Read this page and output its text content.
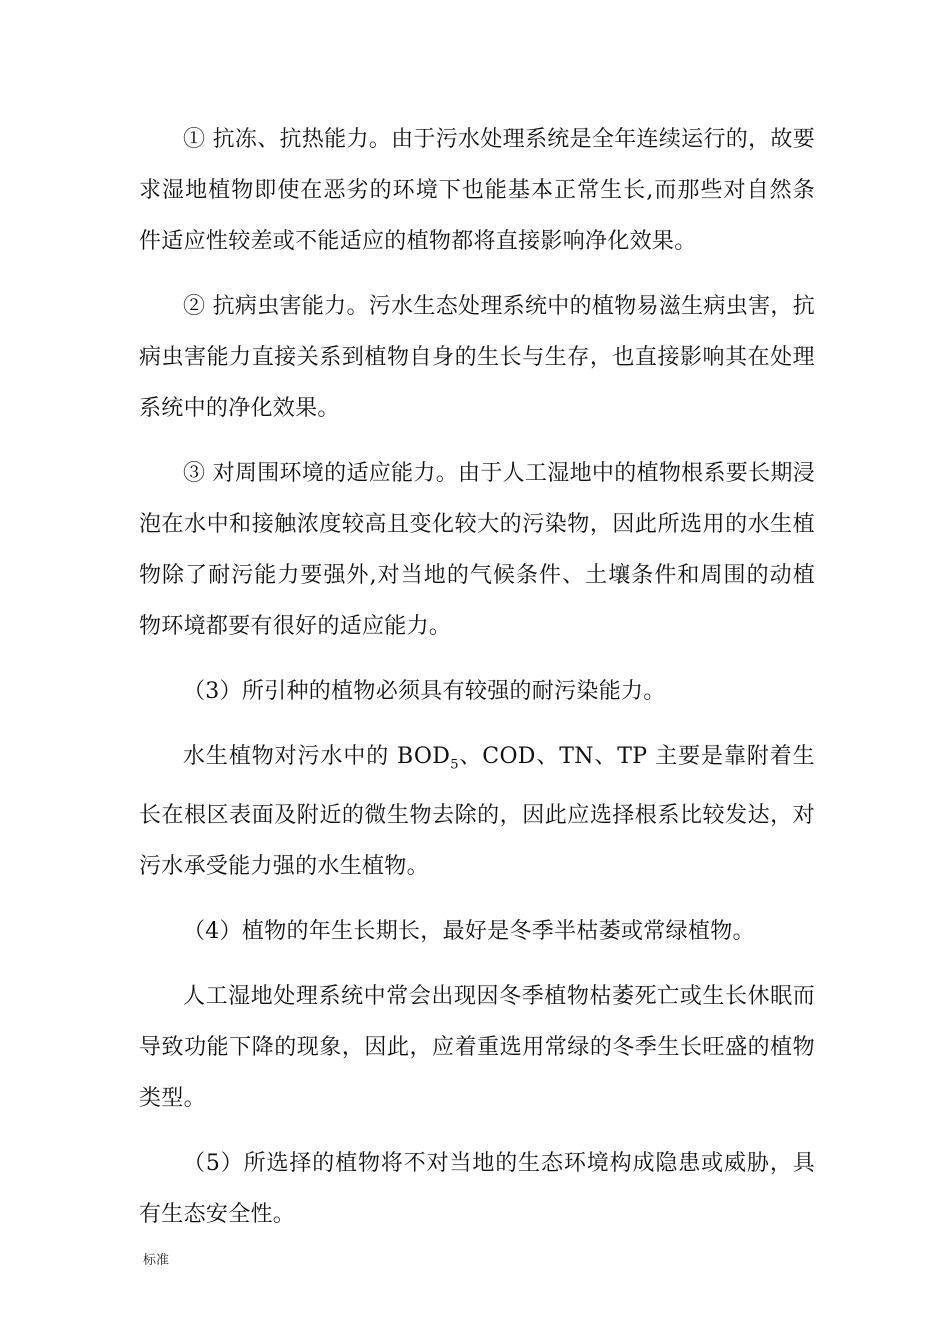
① 抗冻、抗热能力。由于污水处理系统是全年连续运行的，故要求湿地植物即使在恶劣的环境下也能基本正常生长,而那些对自然条件适应性较差或不能适应的植物都将直接影响净化效果。

② 抗病虫害能力。污水生态处理系统中的植物易滋生病虫害，抗病虫害能力直接关系到植物自身的生长与生存，也直接影响其在处理系统中的净化效果。

③ 对周围环境的适应能力。由于人工湿地中的植物根系要长期浸泡在水中和接触浓度较高且变化较大的污染物，因此所选用的水生植物除了耐污能力要强外,对当地的气候条件、土壤条件和周围的动植物环境都要有很好的适应能力。

（3）所引种的植物必须具有较强的耐污染能力。

水生植物对污水中的 $BOD_5$、COD、TN、TP 主要是靠附着生长在根区表面及附近的微生物去除的，因此应选择根系比较发达，对污水承受能力强的水生植物。

（4）植物的年生长期长，最好是冬季半枯萎或常绿植物。

人工湿地处理系统中常会出现因冬季植物枯萎死亡或生长休眠而导致功能下降的现象，因此，应着重选用常绿的冬季生长旺盛的植物类型。

（5）所选择的植物将不对当地的生态环境构成隐患或威胁，具有生态安全性。

标准
